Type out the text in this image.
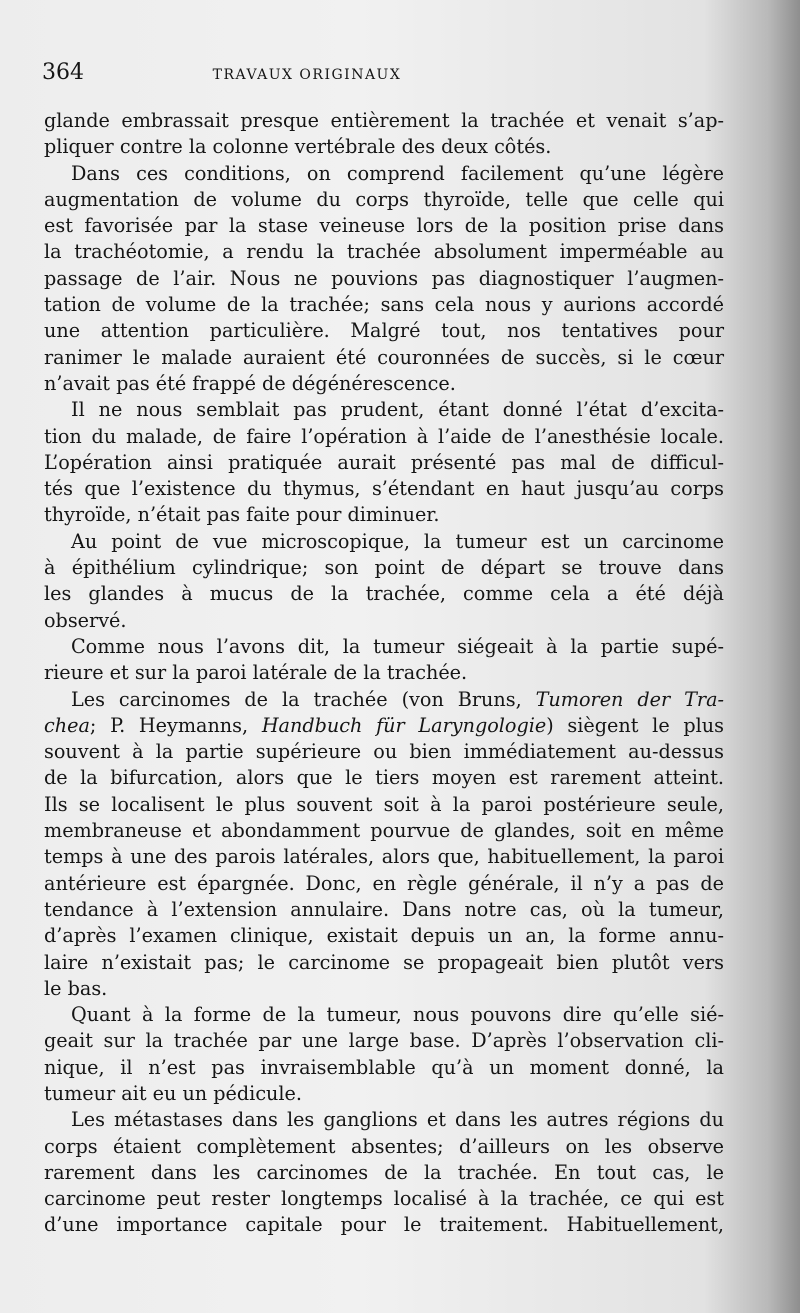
364	TRAVAUX ORIGINAUX
glande embrassait presque entièrement la trachée et venait s’ap-
pliquer contre la colonne vertébrale des deux côtés.
Dans ces conditions, on comprend facilement qu’une légère
augmentation de volume du corps thyroïde, telle que celle qui
est favorisée par la stase veineuse lors de la position prise dans
la trachéotomie, a rendu la trachée absolument imperméable au
passage de l’air. Nous ne pouvions pas diagnostiquer l’augmen-
tation de volume de la trachée; sans cela nous y aurions accordé
une attention particulière. Malgré tout, nos tentatives pour
ranimer le malade auraient été couronnées de succès, si le cœur
n’avait pas été frappé de dégénérescence.
Il ne nous semblait pas prudent, étant donné l’état d’excita-
tion du malade, de faire l’opération à l’aide de l’anesthésie locale.
L’opération ainsi pratiquée aurait présenté pas mal de difficul-
tés que l’existence du thymus, s’étendant en haut jusqu’au corps
thyroïde, n’était pas faite pour diminuer.
Au point de vue microscopique, la tumeur est un carcinome
à épithélium cylindrique; son point de départ se trouve dans
les glandes à mucus de la trachée, comme cela a été déjà
observé.
Comme nous l’avons dit, la tumeur siégeait à la partie supé-
rieure et sur la paroi latérale de la trachée.
Les carcinomes de la trachée (von Bruns, Tumoren der Tra-
chea; P. Heymanns, Handbuch für Laryngologie) siègent le plus
souvent à la partie supérieure ou bien immédiatement au-dessus
de la bifurcation, alors que le tiers moyen est rarement atteint.
Ils se localisent le plus souvent soit à la paroi postérieure seule,
membraneuse et abondamment pourvue de glandes, soit en même
temps à une des parois latérales, alors que, habituellement, la paroi
antérieure est épargnée. Donc, en règle générale, il n’y a pas de
tendance à l’extension annulaire. Dans notre cas, où la tumeur,
d’après l’examen clinique, existait depuis un an, la forme annu-
laire n’existait pas; le carcinome se propageait bien plutôt vers
le bas.
Quant à la forme de la tumeur, nous pouvons dire qu’elle sié-
geait sur la trachée par une large base. D’après l’observation cli-
nique, il n’est pas invraisemblable qu’à un moment donné, la
tumeur ait eu un pédicule.
Les métastases dans les ganglions et dans les autres régions du
corps étaient complètement absentes; d’ailleurs on les observe
rarement dans les carcinomes de la trachée. En tout cas, le
carcinome peut rester longtemps localisé à la trachée, ce qui est
d’une importance capitale pour le traitement. Habituellement,
